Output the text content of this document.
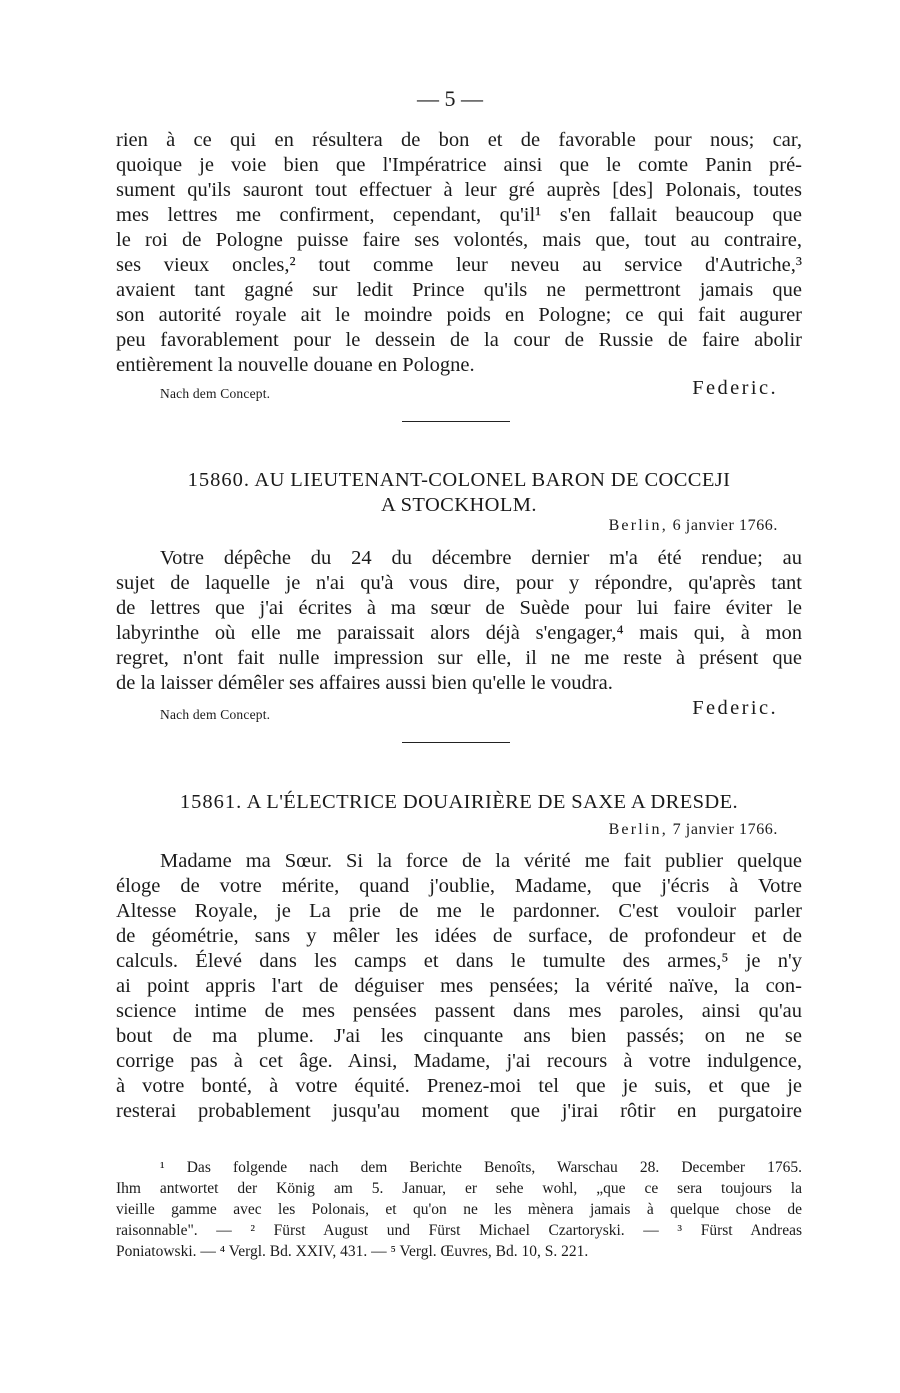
— 5 —
rien à ce qui en résultera de bon et de favorable pour nous; car,
quoique je voie bien que l'Impératrice ainsi que le comte Panin pré-
sument qu'ils sauront tout effectuer à leur gré auprès [des] Polonais, toutes
mes lettres me confirment, cependant, qu'il¹ s'en fallait beaucoup que
le roi de Pologne puisse faire ses volontés, mais que, tout au contraire,
ses vieux oncles,² tout comme leur neveu au service d'Autriche,³
avaient tant gagné sur ledit Prince qu'ils ne permettront jamais que
son autorité royale ait le moindre poids en Pologne; ce qui fait augurer
peu favorablement pour le dessein de la cour de Russie de faire abolir
entièrement la nouvelle douane en Pologne.
Nach dem Concept.	Federic.
15860. AU LIEUTENANT-COLONEL BARON DE COCCEJI
A STOCKHOLM.
Berlin, 6 janvier 1766.
Votre dépêche du 24 du décembre dernier m'a été rendue; au
sujet de laquelle je n'ai qu'à vous dire, pour y répondre, qu'après tant
de lettres que j'ai écrites à ma sœur de Suède pour lui faire éviter le
labyrinthe où elle me paraissait alors déjà s'engager,⁴ mais qui, à mon
regret, n'ont fait nulle impression sur elle, il ne me reste à présent que
de la laisser démêler ses affaires aussi bien qu'elle le voudra.
Nach dem Concept.	Federic.
15861. A L'ÉLECTRICE DOUAIRIÈRE DE SAXE A DRESDE.
Berlin, 7 janvier 1766.
Madame ma Sœur. Si la force de la vérité me fait publier quelque
éloge de votre mérite, quand j'oublie, Madame, que j'écris à Votre
Altesse Royale, je La prie de me le pardonner. C'est vouloir parler
de géométrie, sans y mêler les idées de surface, de profondeur et de
calculs. Élevé dans les camps et dans le tumulte des armes,⁵ je n'y
ai point appris l'art de déguiser mes pensées; la vérité naïve, la con-
science intime de mes pensées passent dans mes paroles, ainsi qu'au
bout de ma plume. J'ai les cinquante ans bien passés; on ne se
corrige pas à cet âge. Ainsi, Madame, j'ai recours à votre indulgence,
à votre bonté, à votre équité. Prenez-moi tel que je suis, et que je
resterai probablement jusqu'au moment que j'irai rôtir en purgatoire
¹ Das folgende nach dem Berichte Benoîts, Warschau 28. December 1765.
Ihm antwortet der König am 5. Januar, er sehe wohl, „que ce sera toujours la
vieille gamme avec les Polonais, et qu'on ne les mènera jamais à quelque chose de
raisonnable". — ² Fürst August und Fürst Michael Czartoryski. — ³ Fürst Andreas
Poniatowski. — ⁴ Vergl. Bd. XXIV, 431. — ⁵ Vergl. Œuvres, Bd. 10, S. 221.
